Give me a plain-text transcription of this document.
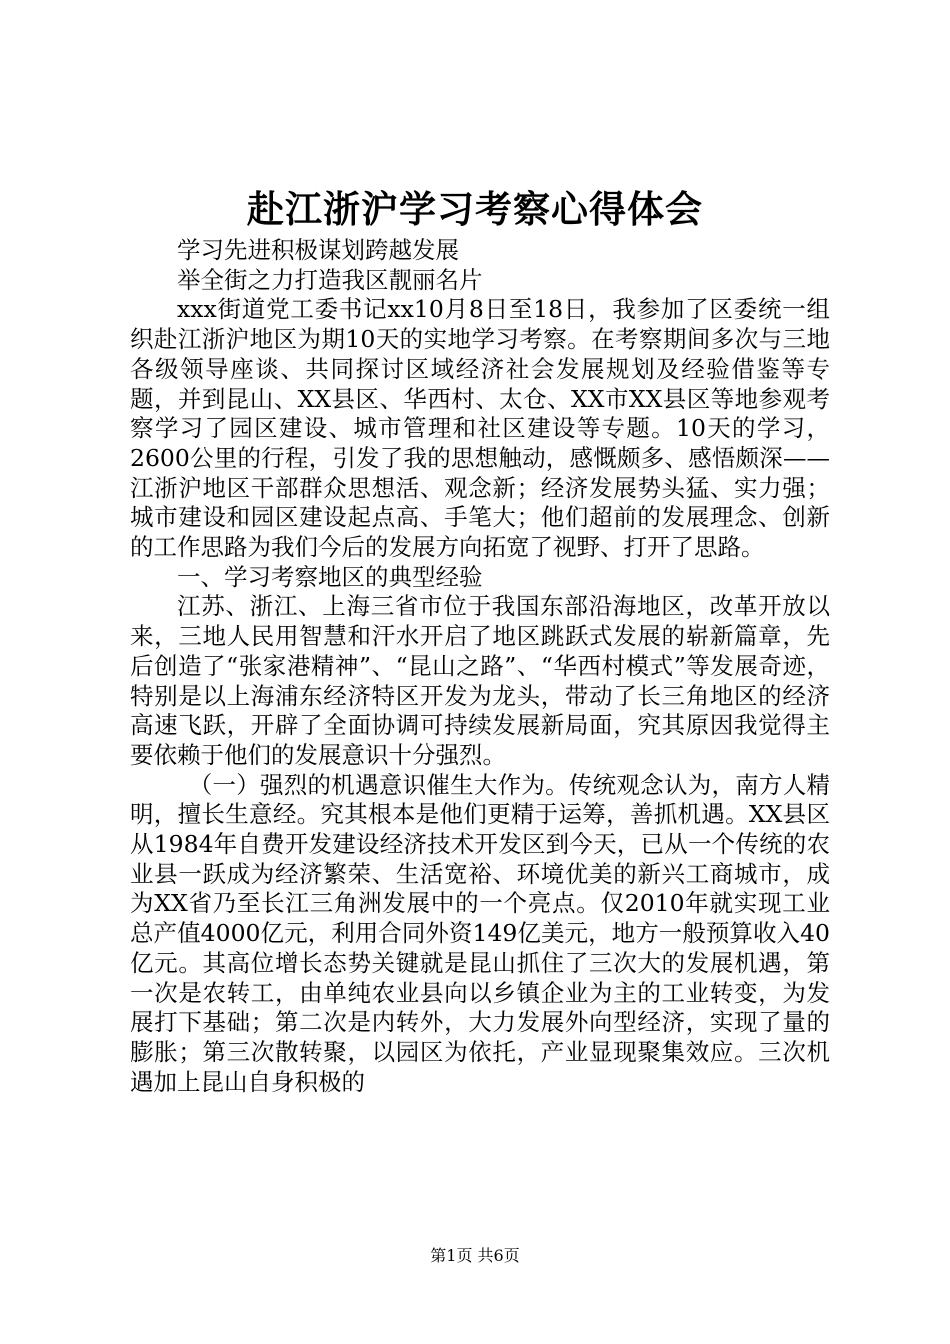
赴江浙沪学习考察心得体会

学习先进积极谋划跨越发展

举全街之力打造我区靓丽名片

xxx街道党工委书记xx10月8日至18日，我参加了区委统一组织赴江浙沪地区为期10天的实地学习考察。在考察期间多次与三地各级领导座谈、共同探讨区域经济社会发展规划及经验借鉴等专题，并到昆山、XX县区、华西村、太仓、XX市XX县区等地参观考察学习了园区建设、城市管理和社区建设等专题。10天的学习，2600公里的行程，引发了我的思想触动，感慨颇多、感悟颇深——江浙沪地区干部群众思想活、观念新；经济发展势头猛、实力强；城市建设和园区建设起点高、手笔大；他们超前的发展理念、创新的工作思路为我们今后的发展方向拓宽了视野、打开了思路。

一、学习考察地区的典型经验

江苏、浙江、上海三省市位于我国东部沿海地区，改革开放以来，三地人民用智慧和汗水开启了地区跳跃式发展的崭新篇章，先后创造了“张家港精神”、“昆山之路”、“华西村模式”等发展奇迹，特别是以上海浦东经济特区开发为龙头，带动了长三角地区的经济高速飞跃，开辟了全面协调可持续发展新局面，究其原因我觉得主要依赖于他们的发展意识十分强烈。

（一）强烈的机遇意识催生大作为。传统观念认为，南方人精明，擅长生意经。究其根本是他们更精于运筹，善抓机遇。XX县区从1984年自费开发建设经济技术开发区到今天，已从一个传统的农业县一跃成为经济繁荣、生活宽裕、环境优美的新兴工商城市，成为XX省乃至长江三角洲发展中的一个亮点。仅2010年就实现工业总产值4000亿元，利用合同外资149亿美元，地方一般预算收入40亿元。其高位增长态势关键就是昆山抓住了三次大的发展机遇，第一次是农转工，由单纯农业县向以乡镇企业为主的工业转变，为发展打下基础；第二次是内转外，大力发展外向型经济，实现了量的膨胀；第三次散转聚，以园区为依托，产业显现聚集效应。三次机遇加上昆山自身积极的

第1页 共6页
